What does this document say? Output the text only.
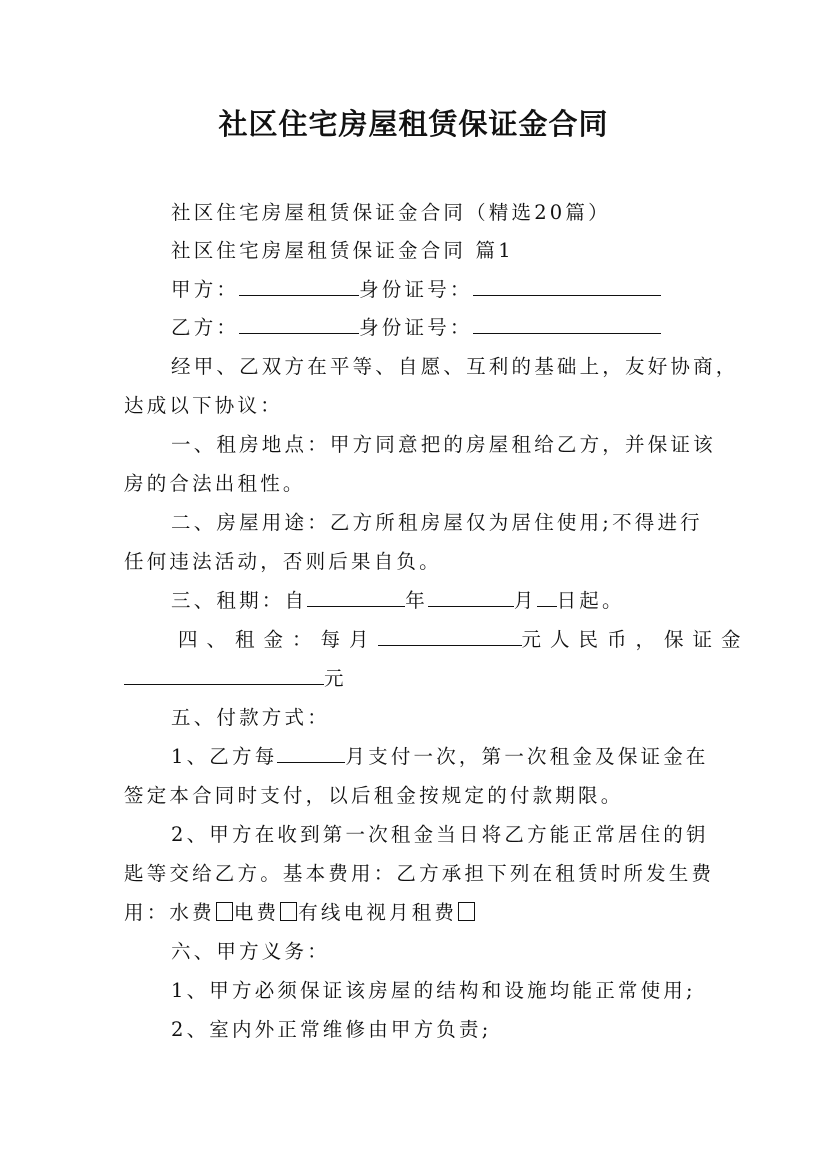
社区住宅房屋租赁保证金合同
社区住宅房屋租赁保证金合同（精选20篇）
社区住宅房屋租赁保证金合同 篇1
甲方：	身份证号：
乙方：	身份证号：
经甲、乙双方在平等、自愿、互利的基础上，友好协商，
达成以下协议：
一、租房地点：甲方同意把的房屋租给乙方，并保证该
房的合法出租性。
二、房屋用途：乙方所租房屋仅为居住使用;不得进行
任何违法活动，否则后果自负。
三、租期：自	年	月 日起。
四、租金：每月	元人民币，保证金
元
五、付款方式：
1、乙方每	月支付一次，第一次租金及保证金在
签定本合同时支付，以后租金按规定的付款期限。
2、甲方在收到第一次租金当日将乙方能正常居住的钥
匙等交给乙方。基本费用：乙方承担下列在租赁时所发生费
用：水费 电费 有线电视月租费
六、甲方义务：
1、甲方必须保证该房屋的结构和设施均能正常使用;
2、室内外正常维修由甲方负责;
